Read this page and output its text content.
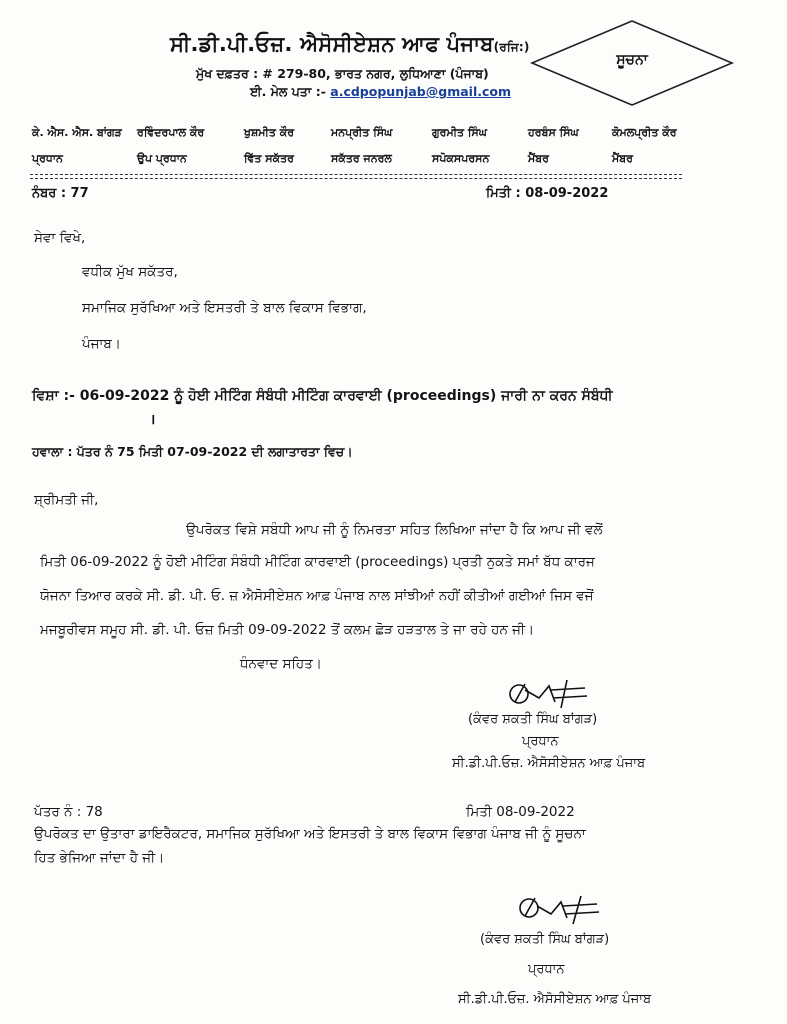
ਸੀ.ਡੀ.ਪੀ.ਓਜ਼. ਐਸੋਸੀਏਸ਼ਨ ਆਫ ਪੰਜਾਬ(ਰਜਿ:)
ਮੁੱਖ ਦਫ਼ਤਰ : # 279-80, ਭਾਰਤ ਨਗਰ, ਲੁਧਿਆਣਾ (ਪੰਜਾਬ)
ਈ. ਮੇਲ ਪਤਾ :- a.cdpopunjab@gmail.com
ਸੂਚਨਾ
ਕੇ. ਐਸ. ਐਸ. ਬਾਂਗੜ
ਪ੍ਰਧਾਨ
ਰਵਿੰਦਰਪਾਲ ਕੌਰ
ਉਪ ਪ੍ਰਧਾਨ
ਖੁਸ਼ਮੀਤ ਕੌਰ
ਵਿੱਤ ਸਕੱਤਰ
ਮਨਪ੍ਰੀਤ ਸਿੰਘ
ਸਕੱਤਰ ਜਨਰਲ
ਗੁਰਮੀਤ ਸਿੰਘ
ਸਪੋਕਸਪਰਸਨ
ਹਰਬੰਸ ਸਿੰਘ
ਮੈਂਬਰ
ਕੋਮਲਪ੍ਰੀਤ ਕੌਰ
ਮੈਂਬਰ
ਨੰਬਰ : 77	ਮਿਤੀ : 08-09-2022
ਸੇਵਾ ਵਿਖੇ,
ਵਧੀਕ ਮੁੱਖ ਸਕੱਤਰ,
ਸਮਾਜਿਕ ਸੁਰੱਖਿਆ ਅਤੇ ਇਸਤਰੀ ਤੇ ਬਾਲ ਵਿਕਾਸ ਵਿਭਾਗ,
ਪੰਜਾਬ।
ਵਿਸ਼ਾ :- 06-09-2022 ਨੂੰ ਹੋਈ ਮੀਟਿੰਗ ਸੰਬੰਧੀ ਮੀਟਿੰਗ ਕਾਰਵਾਈ (proceedings) ਜਾਰੀ ਨਾ ਕਰਨ ਸੰਬੰਧੀ
।
ਹਵਾਲਾ : ਪੱਤਰ ਨੰ 75 ਮਿਤੀ 07-09-2022 ਦੀ ਲਗਾਤਾਰਤਾ ਵਿਚ।
ਸ਼੍ਰੀਮਤੀ ਜੀ,
ਉਪਰੋਕਤ ਵਿਸ਼ੇ ਸਬੰਧੀ ਆਪ ਜੀ ਨੂੰ ਨਿਮਰਤਾ ਸਹਿਤ ਲਿਖਿਆ ਜਾਂਦਾ ਹੈ ਕਿ ਆਪ ਜੀ ਵਲੋਂ
ਮਿਤੀ 06-09-2022 ਨੂੰ ਹੋਈ ਮੀਟਿੰਗ ਸੰਬੰਧੀ ਮੀਟਿੰਗ ਕਾਰਵਾਈ (proceedings) ਪ੍ਰਤੀ ਨੁਕਤੇ ਸਮਾਂ ਬੱਧ ਕਾਰਜ
ਯੋਜਨਾ ਤਿਆਰ ਕਰਕੇ ਸੀ. ਡੀ. ਪੀ. ਓ. ਜ਼ ਐਸੋਸੀਏਸ਼ਨ ਆਫ਼ ਪੰਜਾਬ ਨਾਲ ਸਾਂਝੀਆਂ ਨਹੀਂ ਕੀਤੀਆਂ ਗਈਆਂ ਜਿਸ ਵਜੋਂ
ਮਜਬੂਰੀਵਸ ਸਮੂਹ ਸੀ. ਡੀ. ਪੀ. ਓਜ਼ ਮਿਤੀ 09-09-2022 ਤੋਂ ਕਲਮ ਛੋੜ ਹੜਤਾਲ ਤੇ ਜਾ ਰਹੇ ਹਨ ਜੀ।
ਧੰਨਵਾਦ ਸਹਿਤ।
(ਕੰਵਰ ਸ਼ਕਤੀ ਸਿੰਘ ਬਾਂਗੜ)
ਪ੍ਰਧਾਨ
ਸੀ.ਡੀ.ਪੀ.ਓਜ਼. ਐਸੋਸੀਏਸ਼ਨ ਆਫ਼ ਪੰਜਾਬ
ਪੱਤਰ ਨੰ : 78	ਮਿਤੀ 08-09-2022
ਉਪਰੋਕਤ ਦਾ ਉਤਾਰਾ ਡਾਇਰੈਕਟਰ, ਸਮਾਜਿਕ ਸੁਰੱਖਿਆ ਅਤੇ ਇਸਤਰੀ ਤੇ ਬਾਲ ਵਿਕਾਸ ਵਿਭਾਗ ਪੰਜਾਬ ਜੀ ਨੂੰ ਸੂਚਨਾ
ਹਿਤ ਭੇਜਿਆ ਜਾਂਦਾ ਹੈ ਜੀ।
(ਕੰਵਰ ਸ਼ਕਤੀ ਸਿੰਘ ਬਾਂਗੜ)
ਪ੍ਰਧਾਨ
ਸੀ.ਡੀ.ਪੀ.ਓਜ਼. ਐਸੋਸੀਏਸ਼ਨ ਆਫ਼ ਪੰਜਾਬ
